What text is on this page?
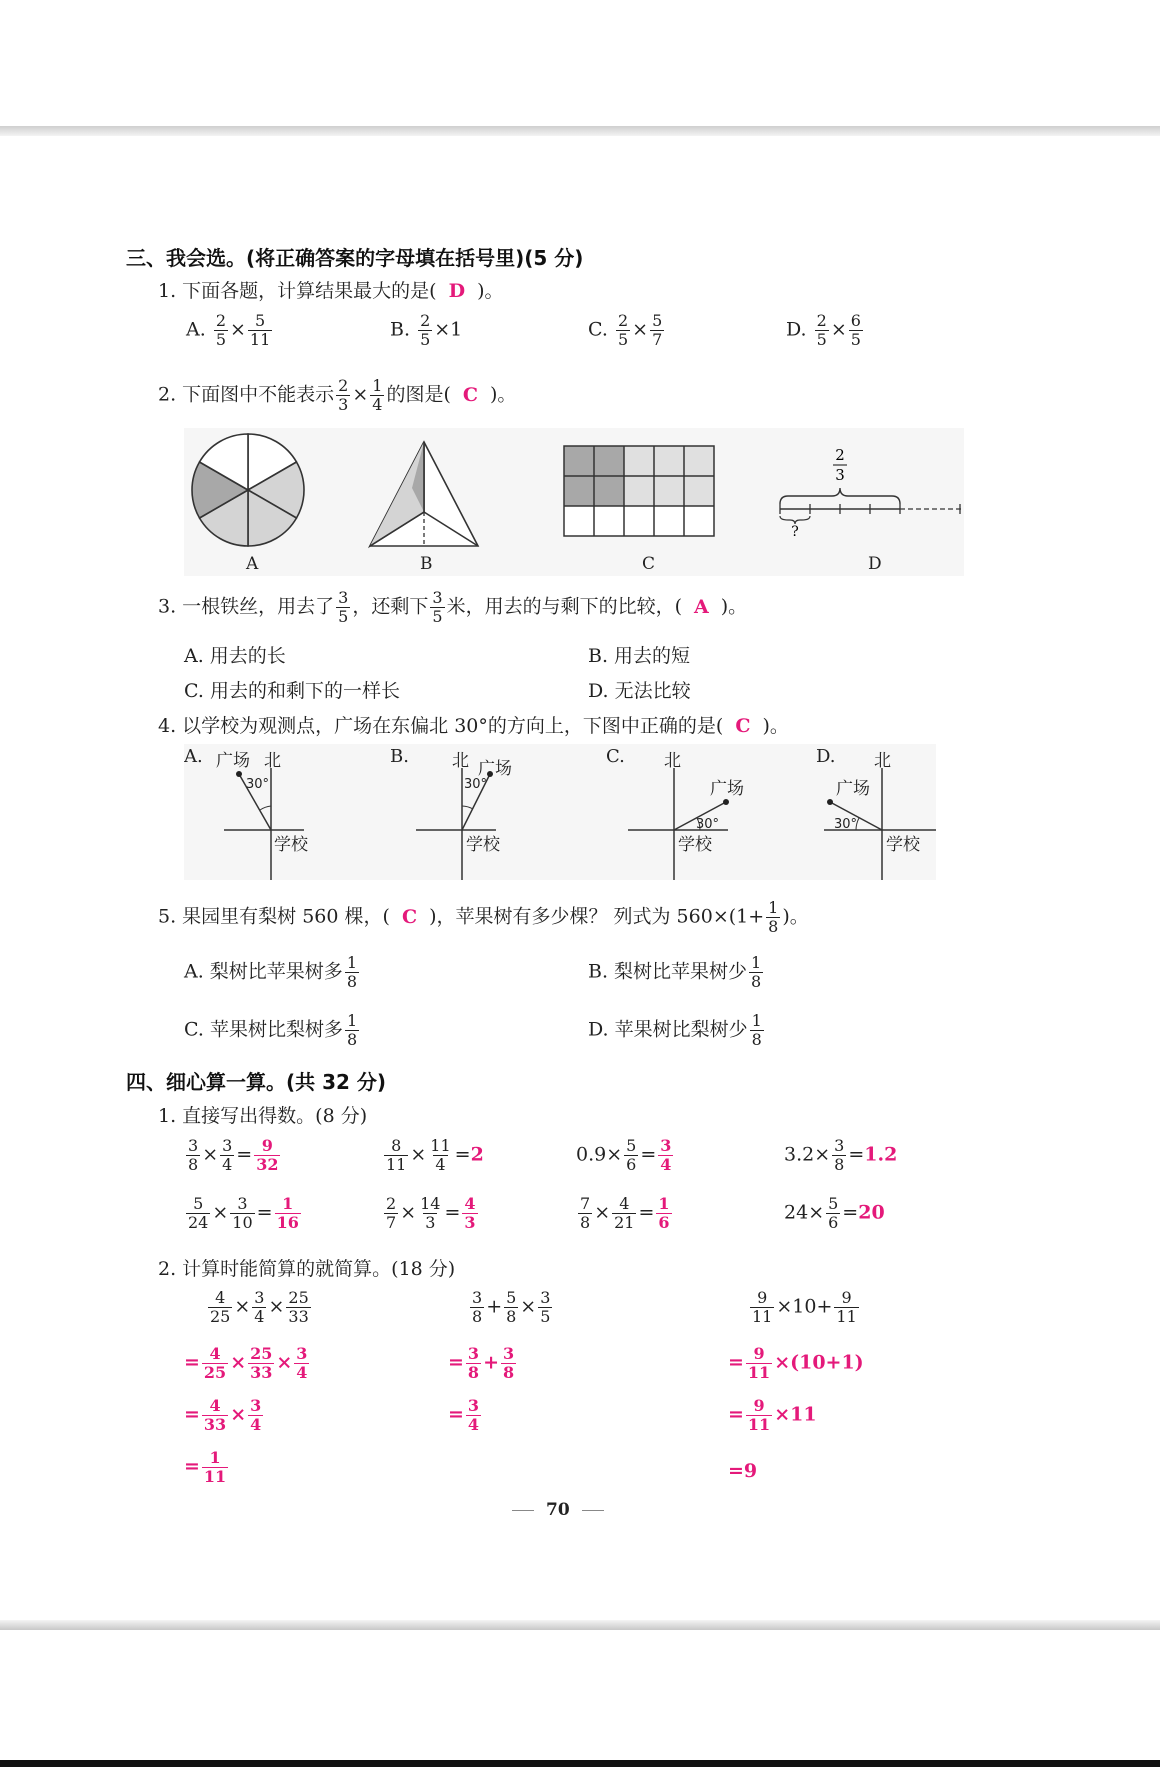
三、我会选。(将正确答案的字母填在括号里)(5 分)
1. 下面各题，计算结果最大的是( D )。
A. $\frac{2}{5} \times \frac{5}{11}$	B. $\frac{2}{5} \times 1$	C. $\frac{2}{5} \times \frac{5}{7}$	D. $\frac{2}{5} \times \frac{6}{5}$
2. 下面图中不能表示 $\frac{2}{3} \times \frac{1}{4}$ 的图是( C )。
2
3
?
A	B	C	D
3. 一根铁丝，用去了 $\frac{3}{5}$ ，还剩下 $\frac{3}{5}$ 米，用去的与剩下的比较，( A )。
A. 用去的长	B. 用去的短
C. 用去的和剩下的一样长	D. 无法比较
4. 以学校为观测点，广场在东偏北 30°的方向上，下图中正确的是( C )。
A. 广场 北
30°
学校
B.	北 广场
30°
学校
C. 北
广场
30°
学校
D. 北
广场
30°
学校
5. 果园里有梨树 560 棵，( C )，苹果树有多少棵？ 列式为 $560\times(1+ \frac{1}{8}$ )。
A. 梨树比苹果树多 $\frac{1}{8}$	B. 梨树比苹果树少 $\frac{1}{8}$
C. 苹果树比梨树多 $\frac{1}{8}$	D. 苹果树比梨树少 $\frac{1}{8}$
四、细心算一算。(共 32 分)
1. 直接写出得数。(8 分)
$\frac{3}{8} \times \frac{3}{4} = \frac{9}{32}$	$\frac{8}{11} \times \frac{11}{4} =2$	$0.9\times \frac{5}{6} = \frac{3}{4}$	$3.2\times \frac{3}{8} =1.2$
$\frac{5}{24} \times \frac{3}{10} = \frac{1}{16}$	$\frac{2}{7} \times \frac{14}{3} = \frac{4}{3}$	$\frac{7}{8} \times \frac{4}{21} = \frac{1}{6}$	$24\times \frac{5}{6} =20$
2. 计算时能简算的就简算。(18 分)
$\frac{4}{25} \times \frac{3}{4} \times \frac{25}{33}$
= $\frac{4}{25} \times \frac{25}{33} \times \frac{3}{4}$
= $\frac{4}{33} \times \frac{3}{4}$
= $\frac{1}{11}$
$\frac{3}{8} + \frac{5}{8} \times \frac{3}{5}$
= $\frac{3}{8} + \frac{3}{8}$
= $\frac{3}{4}$
$\frac{9}{11} \times 10+ \frac{9}{11}$
= $\frac{9}{11} \times(10+1)$
= $\frac{9}{11} \times 11$
=9
70
